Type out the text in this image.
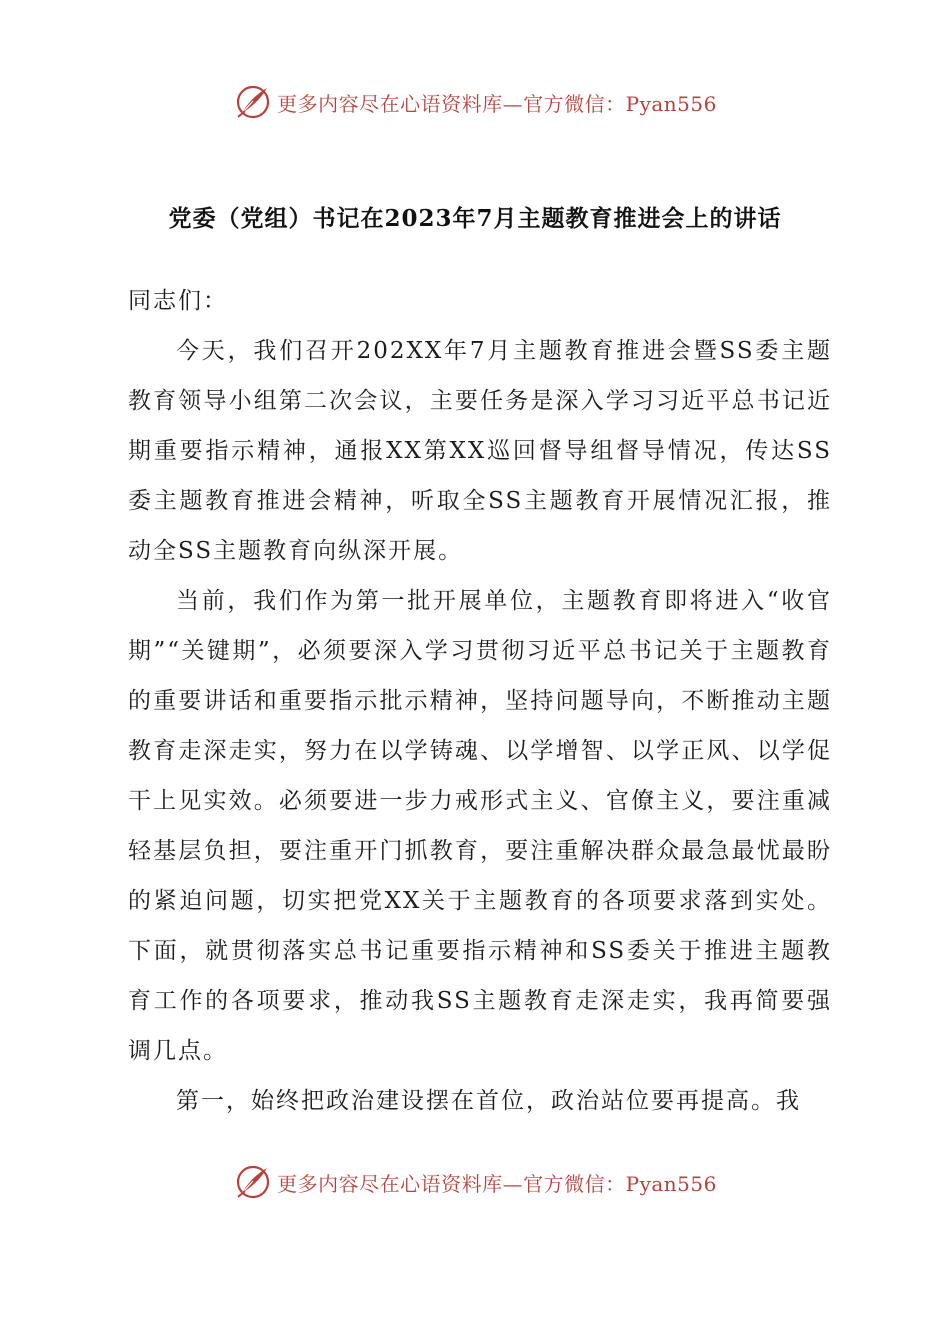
更多内容尽在心语资料库—官方微信：Pyan556
党委（党组）书记在2023年7月主题教育推进会上的讲话

同志们：

今天，我们召开202XX年7月主题教育推进会暨SS委主题教育领导小组第二次会议，主要任务是深入学习习近平总书记近期重要指示精神，通报XX第XX巡回督导组督导情况，传达SS委主题教育推进会精神，听取全SS主题教育开展情况汇报，推动全SS主题教育向纵深开展。

当前，我们作为第一批开展单位，主题教育即将进入“收官期”“关键期”，必须要深入学习贯彻习近平总书记关于主题教育的重要讲话和重要指示批示精神，坚持问题导向，不断推动主题教育走深走实，努力在以学铸魂、以学增智、以学正风、以学促干上见实效。必须要进一步力戒形式主义、官僚主义，要注重减轻基层负担，要注重开门抓教育，要注重解决群众最急最忧最盼的紧迫问题，切实把党XX关于主题教育的各项要求落到实处。下面，就贯彻落实总书记重要指示精神和SS委关于推进主题教育工作的各项要求，推动我SS主题教育走深走实，我再简要强调几点。

第一，始终把政治建设摆在首位，政治站位要再提高。我

更多内容尽在心语资料库—官方微信：Pyan556
